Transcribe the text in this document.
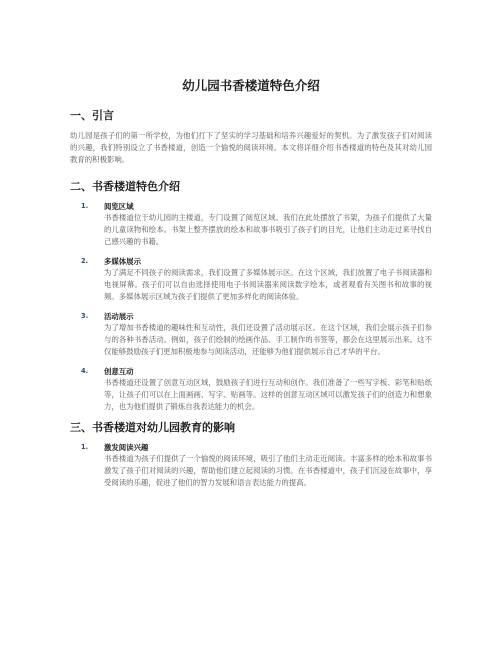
幼儿园书香楼道特色介绍
一、引言
幼儿园是孩子们的第一所学校，为他们打下了坚实的学习基础和培养兴趣爱好的契机。为了激发孩子们对阅读的兴趣，我们特别设立了书香楼道，创造一个愉悦的阅读环境。本文将详细介绍书香楼道的特色及其对幼儿园教育的积极影响。
二、书香楼道特色介绍
1. 阅览区域
书香楼道位于幼儿园的主楼道，专门设置了阅览区域。我们在此处摆放了书架，为孩子们提供了大量的儿童读物和绘本。书架上整齐摆放的绘本和故事书吸引了孩子们的目光，让他们主动走过来寻找自己感兴趣的书籍。
2. 多媒体展示
为了满足不同孩子的阅读需求，我们设置了多媒体展示区。在这个区域，我们放置了电子书阅读器和电视屏幕。孩子们可以自由选择使用电子书阅读器来阅读数字绘本，或者观看有关图书和故事的视频。多媒体展示区域为孩子们提供了更加多样化的阅读体验。
3. 活动展示
为了增加书香楼道的趣味性和互动性，我们还设置了活动展示区。在这个区域，我们会展示孩子们参与的各种书香活动。例如，孩子们绘制的绘画作品、手工制作的书签等，都会在这里展示出来。这不仅能够鼓励孩子们更加积极地参与阅读活动，还能够为他们提供展示自己才华的平台。
4. 创意互动
书香楼道还设置了创意互动区域，鼓励孩子们进行互动和创作。我们准备了一些写字板、彩笔和贴纸等，让孩子们可以在上面画画、写字、贴画等。这样的创意互动区域可以激发孩子们的创造力和想象力，也为他们提供了锻炼自我表达能力的机会。
三、书香楼道对幼儿园教育的影响
1. 激发阅读兴趣
书香楼道为孩子们提供了一个愉悦的阅读环境，吸引了他们主动走近阅读。丰富多样的绘本和故事书激发了孩子们对阅读的兴趣，帮助他们建立起阅读的习惯。在书香楼道中，孩子们沉浸在故事中，享受阅读的乐趣，促进了他们的智力发展和语言表达能力的提高。
